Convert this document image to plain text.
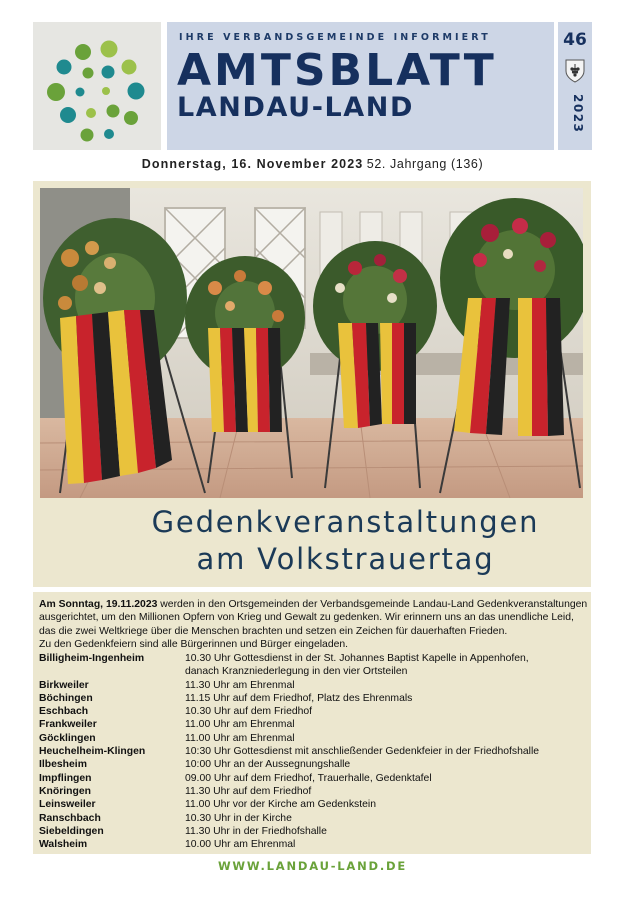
IHRE VERBANDSGEMEINDE INFORMIERT
AMTSBLATT
LANDAU-LAND
46
2023
Donnerstag, 16. November 2023 52. Jahrgang (136)
Gedenkveranstaltungen
am Volkstrauertag

Am Sonntag, 19.11.2023 werden in den Ortsgemeinden der Verbandsgemeinde Landau-Land Gedenkveranstaltungen

ausgerichtet, um den Millionen Opfern von Krieg und Gewalt zu gedenken. Wir erinnern uns an das unendliche Leid,

das die zwei Weltkriege über die Menschen brachten und setzen ein Zeichen für dauerhaften Frieden.

Zu den Gedenkfeiern sind alle Bürgerinnen und Bürger eingeladen.

Billigheim-Ingenheim	10.30 Uhr Gottesdienst in der St. Johannes Baptist Kapelle in Appenhofen,
danach Kranzniederlegung in den vier Ortsteilen
Birkweiler	11.30 Uhr am Ehrenmal
Böchingen	11.15 Uhr auf dem Friedhof, Platz des Ehrenmals
Eschbach	10.30 Uhr auf dem Friedhof
Frankweiler	11.00 Uhr am Ehrenmal
Göcklingen	11.00 Uhr am Ehrenmal
Heuchelheim-Klingen	10:30 Uhr Gottesdienst mit anschließender Gedenkfeier in der Friedhofshalle
Ilbesheim	10:00 Uhr an der Aussegnungshalle
Impflingen	09.00 Uhr auf dem Friedhof, Trauerhalle, Gedenktafel
Knöringen	11.30 Uhr auf dem Friedhof
Leinsweiler	11.00 Uhr vor der Kirche am Gedenkstein
Ranschbach	10.30 Uhr in der Kirche
Siebeldingen	11.30 Uhr in der Friedhofshalle
Walsheim	10.00 Uhr am Ehrenmal
WWW.LANDAU-LAND.DE
